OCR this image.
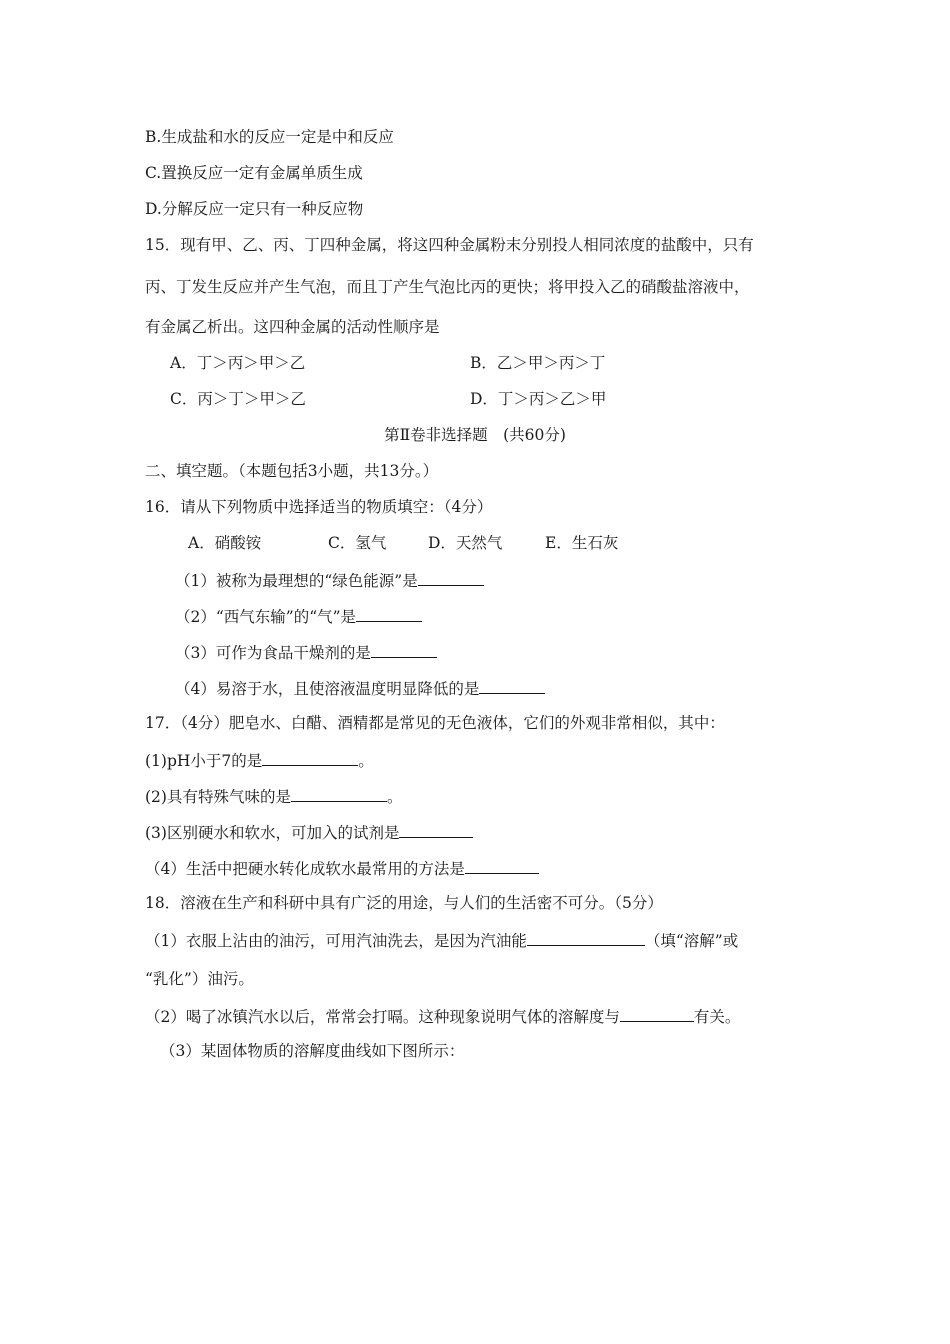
B.生成盐和水的反应一定是中和反应
C.置换反应一定有金属单质生成
D.分解反应一定只有一种反应物
15．现有甲、乙、丙、丁四种金属，将这四种金属粉末分别投人相同浓度的盐酸中，只有
丙、丁发生反应并产生气泡，而且丁产生气泡比丙的更快；将甲投入乙的硝酸盐溶液中，
有金属乙析出。这四种金属的活动性顺序是
A．丁＞丙＞甲＞乙	B．乙＞甲＞丙＞丁
C．丙＞丁＞甲＞乙	D．丁＞丙＞乙＞甲
第Ⅱ卷非选择题　(共60分)
二、填空题。（本题包括3小题，共13分。）
16．请从下列物质中选择适当的物质填空：（4分）
A．硝酸铵	C．氢气	D．天然气	E．生石灰
（1）被称为最理想的“绿色能源”是
（2）“西气东输”的“气”是
（3）可作为食品干燥剂的是
（4）易溶于水，且使溶液温度明显降低的是
17．（4分）肥皂水、白醋、酒精都是常见的无色液体，它们的外观非常相似，其中：
(1)pH小于7的是	。
(2)具有特殊气味的是	。
(3)区别硬水和软水，可加入的试剂是
（4）生活中把硬水转化成软水最常用的方法是
18．溶液在生产和科研中具有广泛的用途，与人们的生活密不可分。（5分）
（1）衣服上沾由的油污，可用汽油洗去，是因为汽油能	（填“溶解”或
“乳化”）油污。
（2）喝了冰镇汽水以后，常常会打嗝。这种现象说明气体的溶解度与	有关。
（3）某固体物质的溶解度曲线如下图所示：
